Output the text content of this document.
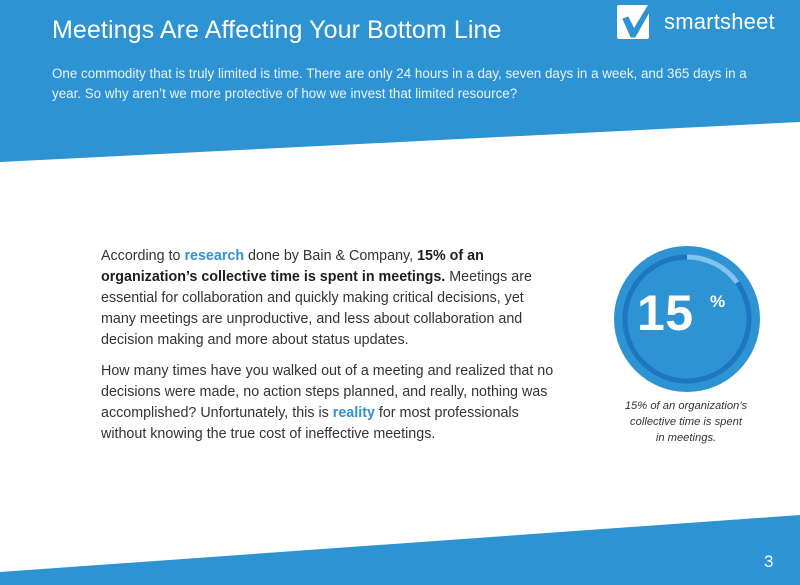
Meetings Are Affecting Your Bottom Line
One commodity that is truly limited is time. There are only 24 hours in a day, seven days in a week, and 365 days in a year. So why aren’t we more protective of how we invest that limited resource?
smartsheet

According to research done by Bain & Company, 15% of an organization’s collective time is spent in meetings. Meetings are essential for collaboration and quickly making critical decisions, yet many meetings are unproductive, and less about collaboration and decision making and more about status updates.

How many times have you walked out of a meeting and realized that no decisions were made, no action steps planned, and really, nothing was accomplished? Unfortunately, this is reality for most professionals without knowing the true cost of ineffective meetings.

15 %
15% of an organization’s
collective time is spent
in meetings.
3
